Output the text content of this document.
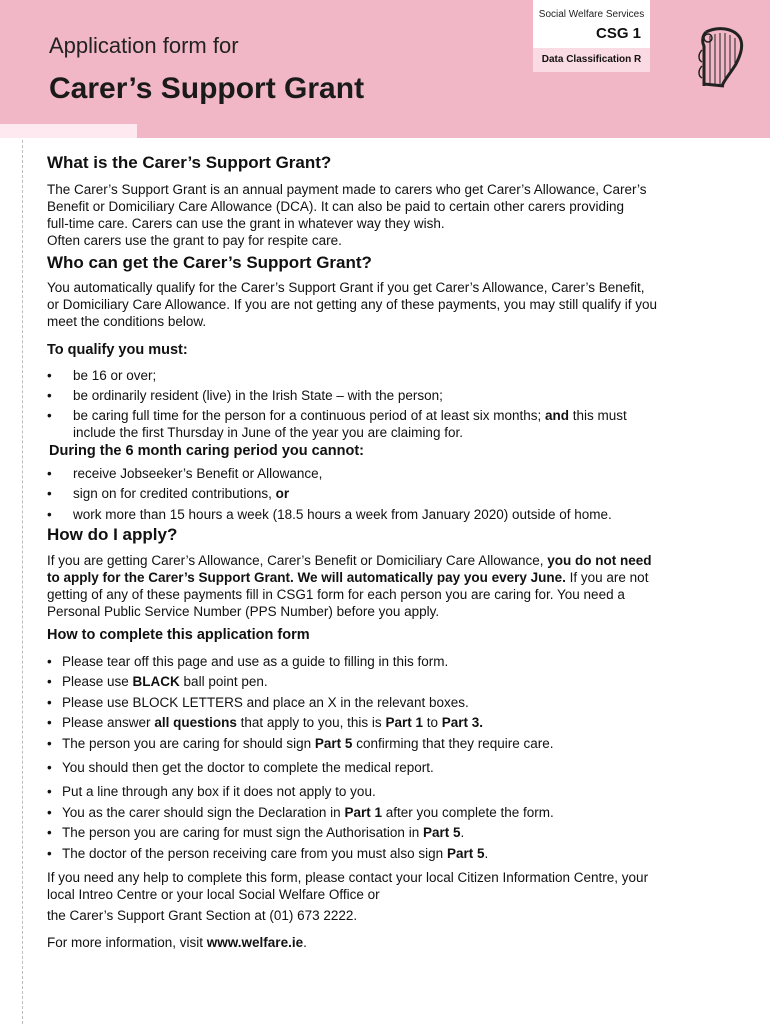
Application form for
Carer’s Support Grant
Social Welfare Services
CSG 1
Data Classification R
What is the Carer’s Support Grant?
The Carer’s Support Grant is an annual payment made to carers who get Carer’s Allowance, Carer’s
Benefit or Domiciliary Care Allowance (DCA). It can also be paid to certain other carers providing
full-time care. Carers can use the grant in whatever way they wish.
Often carers use the grant to pay for respite care.
Who can get the Carer’s Support Grant?
You automatically qualify for the Carer’s Support Grant if you get Carer’s Allowance, Carer’s Benefit,
or Domiciliary Care Allowance. If you are not getting any of these payments, you may still qualify if you
meet the conditions below.
To qualify you must:
• be 16 or over;
• be ordinarily resident (live) in the Irish State – with the person;
• be caring full time for the person for a continuous period of at least six months; and this must
include the first Thursday in June of the year you are claiming for.
During the 6 month caring period you cannot:
• receive Jobseeker’s Benefit or Allowance,
• sign on for credited contributions, or
• work more than 15 hours a week (18.5 hours a week from January 2020) outside of home.
How do I apply?
If you are getting Carer’s Allowance, Carer’s Benefit or Domiciliary Care Allowance, you do not need
to apply for the Carer’s Support Grant. We will automatically pay you every June. If you are not
getting of any of these payments fill in CSG1 form for each person you are caring for. You need a
Personal Public Service Number (PPS Number) before you apply.
How to complete this application form
• Please tear off this page and use as a guide to filling in this form.
• Please use BLACK ball point pen.
• Please use BLOCK LETTERS and place an X in the relevant boxes.
• Please answer all questions that apply to you, this is Part 1 to Part 3.
• The person you are caring for should sign Part 5 confirming that they require care.
• You should then get the doctor to complete the medical report.
• Put a line through any box if it does not apply to you.
• You as the carer should sign the Declaration in Part 1 after you complete the form.
• The person you are caring for must sign the Authorisation in Part 5.
• The doctor of the person receiving care from you must also sign Part 5.
If you need any help to complete this form, please contact your local Citizen Information Centre, your
local Intreo Centre or your local Social Welfare Office or
the Carer’s Support Grant Section at (01) 673 2222.
For more information, visit www.welfare.ie.
